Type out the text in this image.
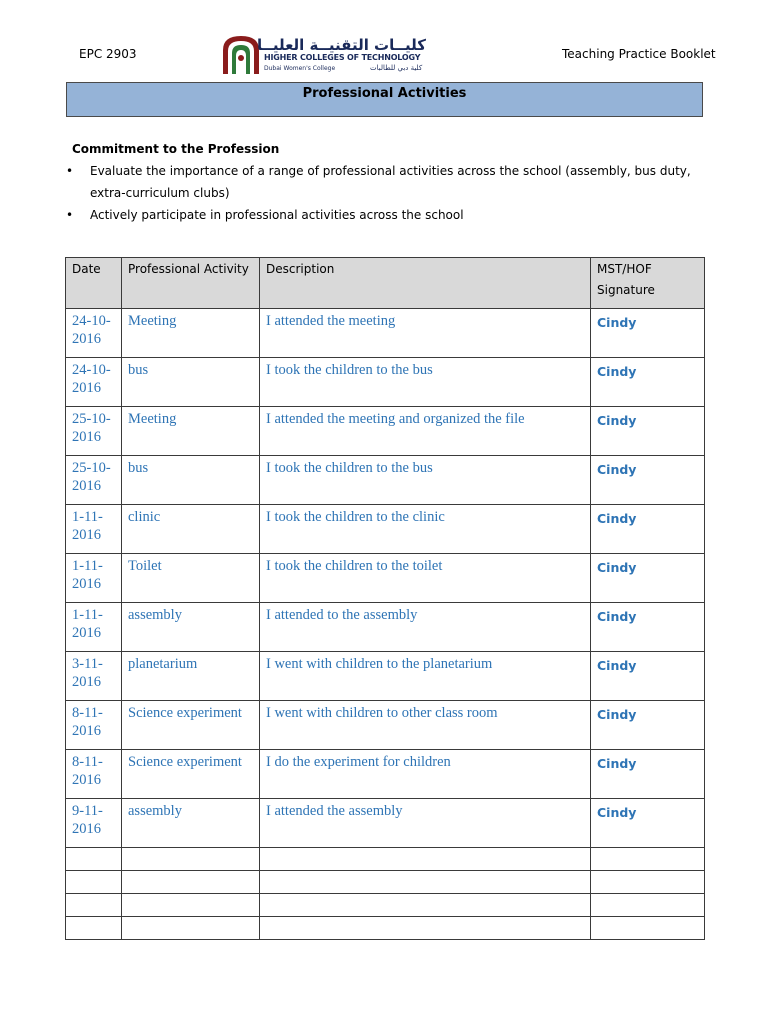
EPC 2903	كليــات التقنيــة العليــا
HIGHER COLLEGES OF TECHNOLOGY
Dubai Women's College	كلية دبي للطالبات
Teaching Practice Booklet
Professional Activities
Commitment to the Profession
• Evaluate the importance of a range of professional activities across the school (assembly, bus duty, extra-curriculum clubs)
• Actively participate in professional activities across the school
Date	Professional Activity	Description	MST/HOF Signature
24-10-2016	Meeting	I attended the meeting	Cindy
24-10-2016	bus	I took the children to the bus	Cindy
25-10-2016	Meeting	I attended the meeting and organized the file	Cindy
25-10-2016	bus	I took the children to the bus	Cindy
1-11-2016	clinic	I took the children to the clinic	Cindy
1-11-2016	Toilet	I took the children to the toilet	Cindy
1-11-2016	assembly	I attended to the assembly	Cindy
3-11-2016	planetarium	I went with children to the planetarium	Cindy
8-11-2016	Science experiment	I went with children to other class room	Cindy
8-11-2016	Science experiment	I do the experiment for children	Cindy
9-11-2016	assembly	I attended the assembly	Cindy
